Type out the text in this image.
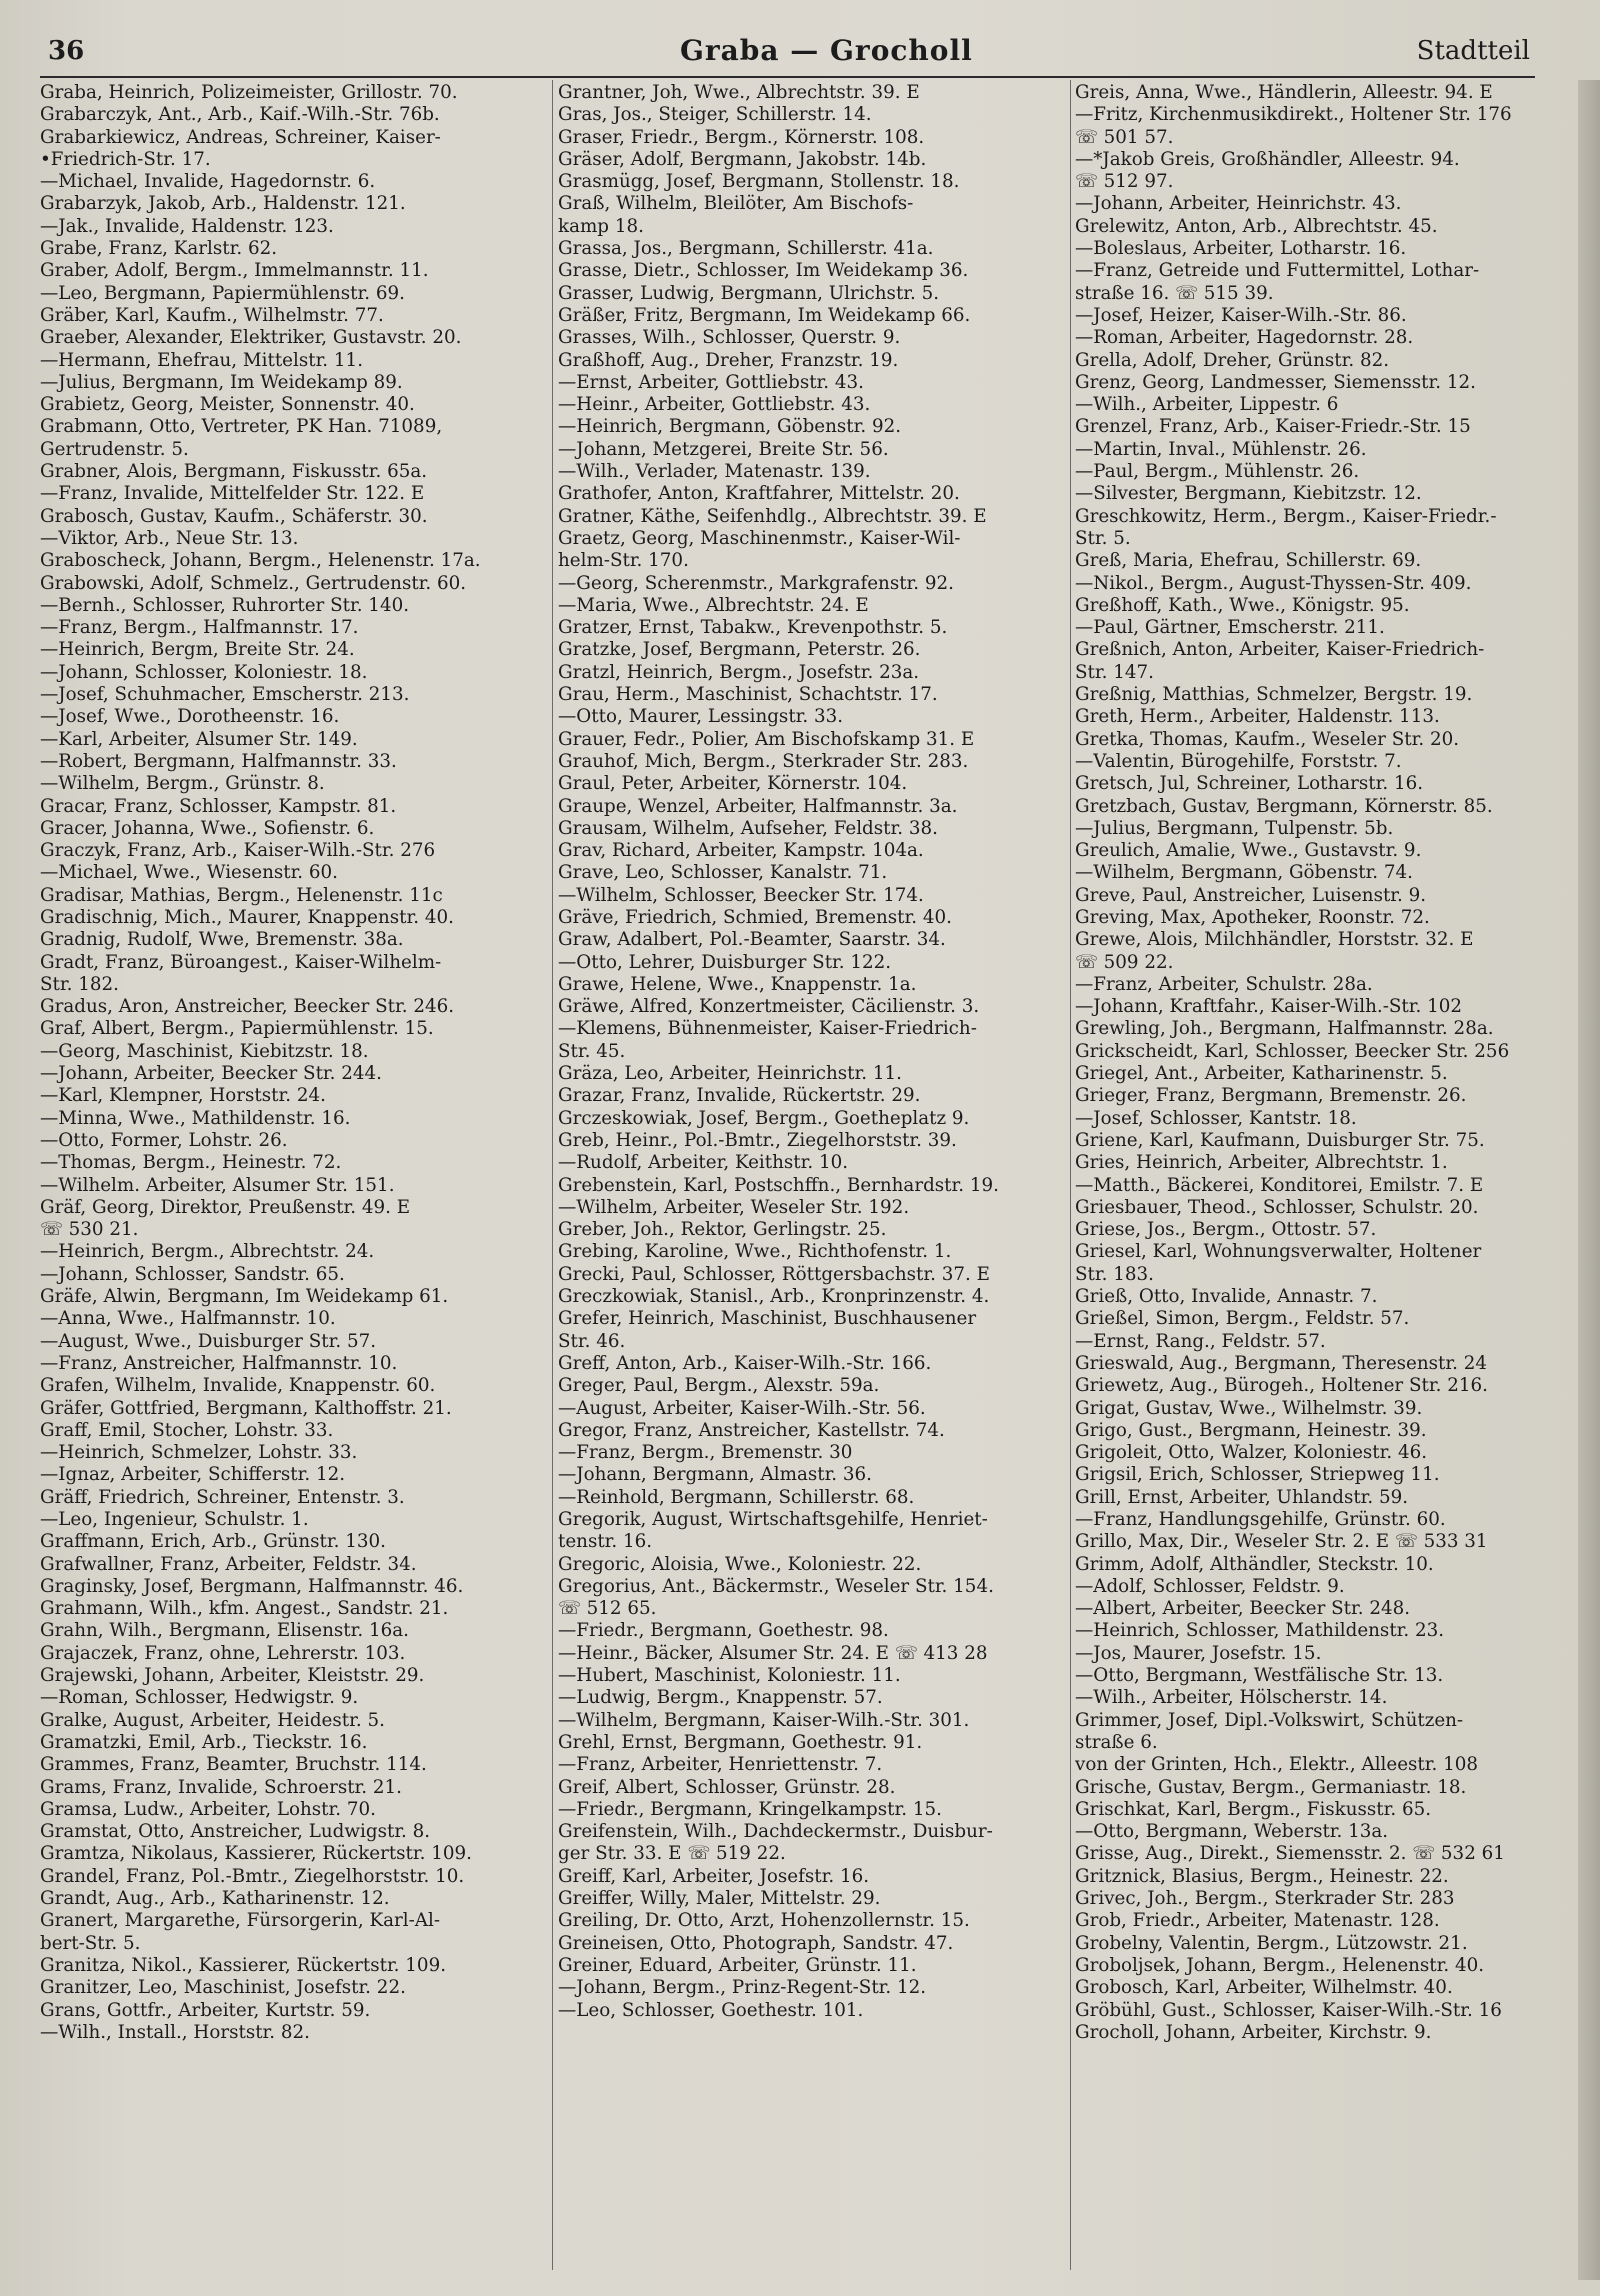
36	Graba — Grocholl	Stadtteil
Graba, Heinrich, Polizeimeister, Grillostr. 70.
Grabarczyk, Ant., Arb., Kaif.-Wilh.-Str. 76b.
Grabarkiewicz, Andreas, Schreiner, Kaiser-
•Friedrich-Str. 17.
—Michael, Invalide, Hagedornstr. 6.
Grabarzyk, Jakob, Arb., Haldenstr. 121.
—Jak., Invalide, Haldenstr. 123.
Grabe, Franz, Karlstr. 62.
Graber, Adolf, Bergm., Immelmannstr. 11.
—Leo, Bergmann, Papiermühlenstr. 69.
Gräber, Karl, Kaufm., Wilhelmstr. 77.
Graeber, Alexander, Elektriker, Gustavstr. 20.
—Hermann, Ehefrau, Mittelstr. 11.
—Julius, Bergmann, Im Weidekamp 89.
Grabietz, Georg, Meister, Sonnenstr. 40.
Grabmann, Otto, Vertreter, PK Han. 71089,
Gertrudenstr. 5.
Grabner, Alois, Bergmann, Fiskusstr. 65a.
—Franz, Invalide, Mittelfelder Str. 122. E
Grabosch, Gustav, Kaufm., Schäferstr. 30.
—Viktor, Arb., Neue Str. 13.
Graboscheck, Johann, Bergm., Helenenstr. 17a.
Grabowski, Adolf, Schmelz., Gertrudenstr. 60.
—Bernh., Schlosser, Ruhrorter Str. 140.
—Franz, Bergm., Halfmannstr. 17.
—Heinrich, Bergm, Breite Str. 24.
—Johann, Schlosser, Koloniestr. 18.
—Josef, Schuhmacher, Emscherstr. 213.
—Josef, Wwe., Dorotheenstr. 16.
—Karl, Arbeiter, Alsumer Str. 149.
—Robert, Bergmann, Halfmannstr. 33.
—Wilhelm, Bergm., Grünstr. 8.
Gracar, Franz, Schlosser, Kampstr. 81.
Gracer, Johanna, Wwe., Sofienstr. 6.
Graczyk, Franz, Arb., Kaiser-Wilh.-Str. 276
—Michael, Wwe., Wiesenstr. 60.
Gradisar, Mathias, Bergm., Helenenstr. 11c
Gradischnig, Mich., Maurer, Knappenstr. 40.
Gradnig, Rudolf, Wwe, Bremenstr. 38a.
Gradt, Franz, Büroangest., Kaiser-Wilhelm-
Str. 182.
Gradus, Aron, Anstreicher, Beecker Str. 246.
Graf, Albert, Bergm., Papiermühlenstr. 15.
—Georg, Maschinist, Kiebitzstr. 18.
—Johann, Arbeiter, Beecker Str. 244.
—Karl, Klempner, Horststr. 24.
—Minna, Wwe., Mathildenstr. 16.
—Otto, Former, Lohstr. 26.
—Thomas, Bergm., Heinestr. 72.
—Wilhelm. Arbeiter, Alsumer Str. 151.
Gräf, Georg, Direktor, Preußenstr. 49. E
☏ 530 21.
—Heinrich, Bergm., Albrechtstr. 24.
—Johann, Schlosser, Sandstr. 65.
Gräfe, Alwin, Bergmann, Im Weidekamp 61.
—Anna, Wwe., Halfmannstr. 10.
—August, Wwe., Duisburger Str. 57.
—Franz, Anstreicher, Halfmannstr. 10.
Grafen, Wilhelm, Invalide, Knappenstr. 60.
Gräfer, Gottfried, Bergmann, Kalthoffstr. 21.
Graff, Emil, Stocher, Lohstr. 33.
—Heinrich, Schmelzer, Lohstr. 33.
—Ignaz, Arbeiter, Schifferstr. 12.
Gräff, Friedrich, Schreiner, Entenstr. 3.
—Leo, Ingenieur, Schulstr. 1.
Graffmann, Erich, Arb., Grünstr. 130.
Grafwallner, Franz, Arbeiter, Feldstr. 34.
Graginsky, Josef, Bergmann, Halfmannstr. 46.
Grahmann, Wilh., kfm. Angest., Sandstr. 21.
Grahn, Wilh., Bergmann, Elisenstr. 16a.
Grajaczek, Franz, ohne, Lehrerstr. 103.
Grajewski, Johann, Arbeiter, Kleiststr. 29.
—Roman, Schlosser, Hedwigstr. 9.
Gralke, August, Arbeiter, Heidestr. 5.
Gramatzki, Emil, Arb., Tieckstr. 16.
Grammes, Franz, Beamter, Bruchstr. 114.
Grams, Franz, Invalide, Schroerstr. 21.
Gramsa, Ludw., Arbeiter, Lohstr. 70.
Gramstat, Otto, Anstreicher, Ludwigstr. 8.
Gramtza, Nikolaus, Kassierer, Rückertstr. 109.
Grandel, Franz, Pol.-Bmtr., Ziegelhorststr. 10.
Grandt, Aug., Arb., Katharinenstr. 12.
Granert, Margarethe, Fürsorgerin, Karl-Al-
bert-Str. 5.
Granitza, Nikol., Kassierer, Rückertstr. 109.
Granitzer, Leo, Maschinist, Josefstr. 22.
Grans, Gottfr., Arbeiter, Kurtstr. 59.
—Wilh., Install., Horststr. 82.
Grantner, Joh, Wwe., Albrechtstr. 39. E
Gras, Jos., Steiger, Schillerstr. 14.
Graser, Friedr., Bergm., Körnerstr. 108.
Gräser, Adolf, Bergmann, Jakobstr. 14b.
Grasmügg, Josef, Bergmann, Stollenstr. 18.
Graß, Wilhelm, Bleilöter, Am Bischofs-
kamp 18.
Grassa, Jos., Bergmann, Schillerstr. 41a.
Grasse, Dietr., Schlosser, Im Weidekamp 36.
Grasser, Ludwig, Bergmann, Ulrichstr. 5.
Gräßer, Fritz, Bergmann, Im Weidekamp 66.
Grasses, Wilh., Schlosser, Querstr. 9.
Graßhoff, Aug., Dreher, Franzstr. 19.
—Ernst, Arbeiter, Gottliebstr. 43.
—Heinr., Arbeiter, Gottliebstr. 43.
—Heinrich, Bergmann, Göbenstr. 92.
—Johann, Metzgerei, Breite Str. 56.
—Wilh., Verlader, Matenastr. 139.
Grathofer, Anton, Kraftfahrer, Mittelstr. 20.
Gratner, Käthe, Seifenhdlg., Albrechtstr. 39. E
Graetz, Georg, Maschinenmstr., Kaiser-Wil-
helm-Str. 170.
—Georg, Scherenmstr., Markgrafenstr. 92.
—Maria, Wwe., Albrechtstr. 24. E
Gratzer, Ernst, Tabakw., Krevenpothstr. 5.
Gratzke, Josef, Bergmann, Peterstr. 26.
Gratzl, Heinrich, Bergm., Josefstr. 23a.
Grau, Herm., Maschinist, Schachtstr. 17.
—Otto, Maurer, Lessingstr. 33.
Grauer, Fedr., Polier, Am Bischofskamp 31. E
Grauhof, Mich, Bergm., Sterkrader Str. 283.
Graul, Peter, Arbeiter, Körnerstr. 104.
Graupe, Wenzel, Arbeiter, Halfmannstr. 3a.
Grausam, Wilhelm, Aufseher, Feldstr. 38.
Grav, Richard, Arbeiter, Kampstr. 104a.
Grave, Leo, Schlosser, Kanalstr. 71.
—Wilhelm, Schlosser, Beecker Str. 174.
Gräve, Friedrich, Schmied, Bremenstr. 40.
Graw, Adalbert, Pol.-Beamter, Saarstr. 34.
—Otto, Lehrer, Duisburger Str. 122.
Grawe, Helene, Wwe., Knappenstr. 1a.
Gräwe, Alfred, Konzertmeister, Cäcilienstr. 3.
—Klemens, Bühnenmeister, Kaiser-Friedrich-
Str. 45.
Gräza, Leo, Arbeiter, Heinrichstr. 11.
Grazar, Franz, Invalide, Rückertstr. 29.
Grczeskowiak, Josef, Bergm., Goetheplatz 9.
Greb, Heinr., Pol.-Bmtr., Ziegelhorststr. 39.
—Rudolf, Arbeiter, Keithstr. 10.
Grebenstein, Karl, Postschffn., Bernhardstr. 19.
—Wilhelm, Arbeiter, Weseler Str. 192.
Greber, Joh., Rektor, Gerlingstr. 25.
Grebing, Karoline, Wwe., Richthofenstr. 1.
Grecki, Paul, Schlosser, Röttgersbachstr. 37. E
Greczkowiak, Stanisl., Arb., Kronprinzenstr. 4.
Grefer, Heinrich, Maschinist, Buschhausener
Str. 46.
Greff, Anton, Arb., Kaiser-Wilh.-Str. 166.
Greger, Paul, Bergm., Alexstr. 59a.
—August, Arbeiter, Kaiser-Wilh.-Str. 56.
Gregor, Franz, Anstreicher, Kastellstr. 74.
—Franz, Bergm., Bremenstr. 30
—Johann, Bergmann, Almastr. 36.
—Reinhold, Bergmann, Schillerstr. 68.
Gregorik, August, Wirtschaftsgehilfe, Henriet-
tenstr. 16.
Gregoric, Aloisia, Wwe., Koloniestr. 22.
Gregorius, Ant., Bäckermstr., Weseler Str. 154.
☏ 512 65.
—Friedr., Bergmann, Goethestr. 98.
—Heinr., Bäcker, Alsumer Str. 24. E ☏ 413 28
—Hubert, Maschinist, Koloniestr. 11.
—Ludwig, Bergm., Knappenstr. 57.
—Wilhelm, Bergmann, Kaiser-Wilh.-Str. 301.
Grehl, Ernst, Bergmann, Goethestr. 91.
—Franz, Arbeiter, Henriettenstr. 7.
Greif, Albert, Schlosser, Grünstr. 28.
—Friedr., Bergmann, Kringelkampstr. 15.
Greifenstein, Wilh., Dachdeckermstr., Duisbur-
ger Str. 33. E ☏ 519 22.
Greiff, Karl, Arbeiter, Josefstr. 16.
Greiffer, Willy, Maler, Mittelstr. 29.
Greiling, Dr. Otto, Arzt, Hohenzollernstr. 15.
Greineisen, Otto, Photograph, Sandstr. 47.
Greiner, Eduard, Arbeiter, Grünstr. 11.
—Johann, Bergm., Prinz-Regent-Str. 12.
—Leo, Schlosser, Goethestr. 101.
Greis, Anna, Wwe., Händlerin, Alleestr. 94. E
—Fritz, Kirchenmusikdirekt., Holtener Str. 176
☏ 501 57.
—*Jakob Greis, Großhändler, Alleestr. 94.
☏ 512 97.
—Johann, Arbeiter, Heinrichstr. 43.
Grelewitz, Anton, Arb., Albrechtstr. 45.
—Boleslaus, Arbeiter, Lotharstr. 16.
—Franz, Getreide und Futtermittel, Lothar-
straße 16. ☏ 515 39.
—Josef, Heizer, Kaiser-Wilh.-Str. 86.
—Roman, Arbeiter, Hagedornstr. 28.
Grella, Adolf, Dreher, Grünstr. 82.
Grenz, Georg, Landmesser, Siemensstr. 12.
—Wilh., Arbeiter, Lippestr. 6
Grenzel, Franz, Arb., Kaiser-Friedr.-Str. 15
—Martin, Inval., Mühlenstr. 26.
—Paul, Bergm., Mühlenstr. 26.
—Silvester, Bergmann, Kiebitzstr. 12.
Greschkowitz, Herm., Bergm., Kaiser-Friedr.-
Str. 5.
Greß, Maria, Ehefrau, Schillerstr. 69.
—Nikol., Bergm., August-Thyssen-Str. 409.
Greßhoff, Kath., Wwe., Königstr. 95.
—Paul, Gärtner, Emscherstr. 211.
Greßnich, Anton, Arbeiter, Kaiser-Friedrich-
Str. 147.
Greßnig, Matthias, Schmelzer, Bergstr. 19.
Greth, Herm., Arbeiter, Haldenstr. 113.
Gretka, Thomas, Kaufm., Weseler Str. 20.
—Valentin, Bürogehilfe, Forststr. 7.
Gretsch, Jul, Schreiner, Lotharstr. 16.
Gretzbach, Gustav, Bergmann, Körnerstr. 85.
—Julius, Bergmann, Tulpenstr. 5b.
Greulich, Amalie, Wwe., Gustavstr. 9.
—Wilhelm, Bergmann, Göbenstr. 74.
Greve, Paul, Anstreicher, Luisenstr. 9.
Greving, Max, Apotheker, Roonstr. 72.
Grewe, Alois, Milchhändler, Horststr. 32. E
☏ 509 22.
—Franz, Arbeiter, Schulstr. 28a.
—Johann, Kraftfahr., Kaiser-Wilh.-Str. 102
Grewling, Joh., Bergmann, Halfmannstr. 28a.
Grickscheidt, Karl, Schlosser, Beecker Str. 256
Griegel, Ant., Arbeiter, Katharinenstr. 5.
Grieger, Franz, Bergmann, Bremenstr. 26.
—Josef, Schlosser, Kantstr. 18.
Griene, Karl, Kaufmann, Duisburger Str. 75.
Gries, Heinrich, Arbeiter, Albrechtstr. 1.
—Matth., Bäckerei, Konditorei, Emilstr. 7. E
Griesbauer, Theod., Schlosser, Schulstr. 20.
Griese, Jos., Bergm., Ottostr. 57.
Griesel, Karl, Wohnungsverwalter, Holtener
Str. 183.
Grieß, Otto, Invalide, Annastr. 7.
Grießel, Simon, Bergm., Feldstr. 57.
—Ernst, Rang., Feldstr. 57.
Grieswald, Aug., Bergmann, Theresenstr. 24
Griewetz, Aug., Bürogeh., Holtener Str. 216.
Grigat, Gustav, Wwe., Wilhelmstr. 39.
Grigo, Gust., Bergmann, Heinestr. 39.
Grigoleit, Otto, Walzer, Koloniestr. 46.
Grigsil, Erich, Schlosser, Striepweg 11.
Grill, Ernst, Arbeiter, Uhlandstr. 59.
—Franz, Handlungsgehilfe, Grünstr. 60.
Grillo, Max, Dir., Weseler Str. 2. E ☏ 533 31
Grimm, Adolf, Althändler, Steckstr. 10.
—Adolf, Schlosser, Feldstr. 9.
—Albert, Arbeiter, Beecker Str. 248.
—Heinrich, Schlosser, Mathildenstr. 23.
—Jos, Maurer, Josefstr. 15.
—Otto, Bergmann, Westfälische Str. 13.
—Wilh., Arbeiter, Hölscherstr. 14.
Grimmer, Josef, Dipl.-Volkswirt, Schützen-
straße 6.
von der Grinten, Hch., Elektr., Alleestr. 108
Grische, Gustav, Bergm., Germaniastr. 18.
Grischkat, Karl, Bergm., Fiskusstr. 65.
—Otto, Bergmann, Weberstr. 13a.
Grisse, Aug., Direkt., Siemensstr. 2. ☏ 532 61
Gritznick, Blasius, Bergm., Heinestr. 22.
Grivec, Joh., Bergm., Sterkrader Str. 283
Grob, Friedr., Arbeiter, Matenastr. 128.
Grobelny, Valentin, Bergm., Lützowstr. 21.
Groboljsek, Johann, Bergm., Helenenstr. 40.
Grobosch, Karl, Arbeiter, Wilhelmstr. 40.
Gröbühl, Gust., Schlosser, Kaiser-Wilh.-Str. 16
Grocholl, Johann, Arbeiter, Kirchstr. 9.
